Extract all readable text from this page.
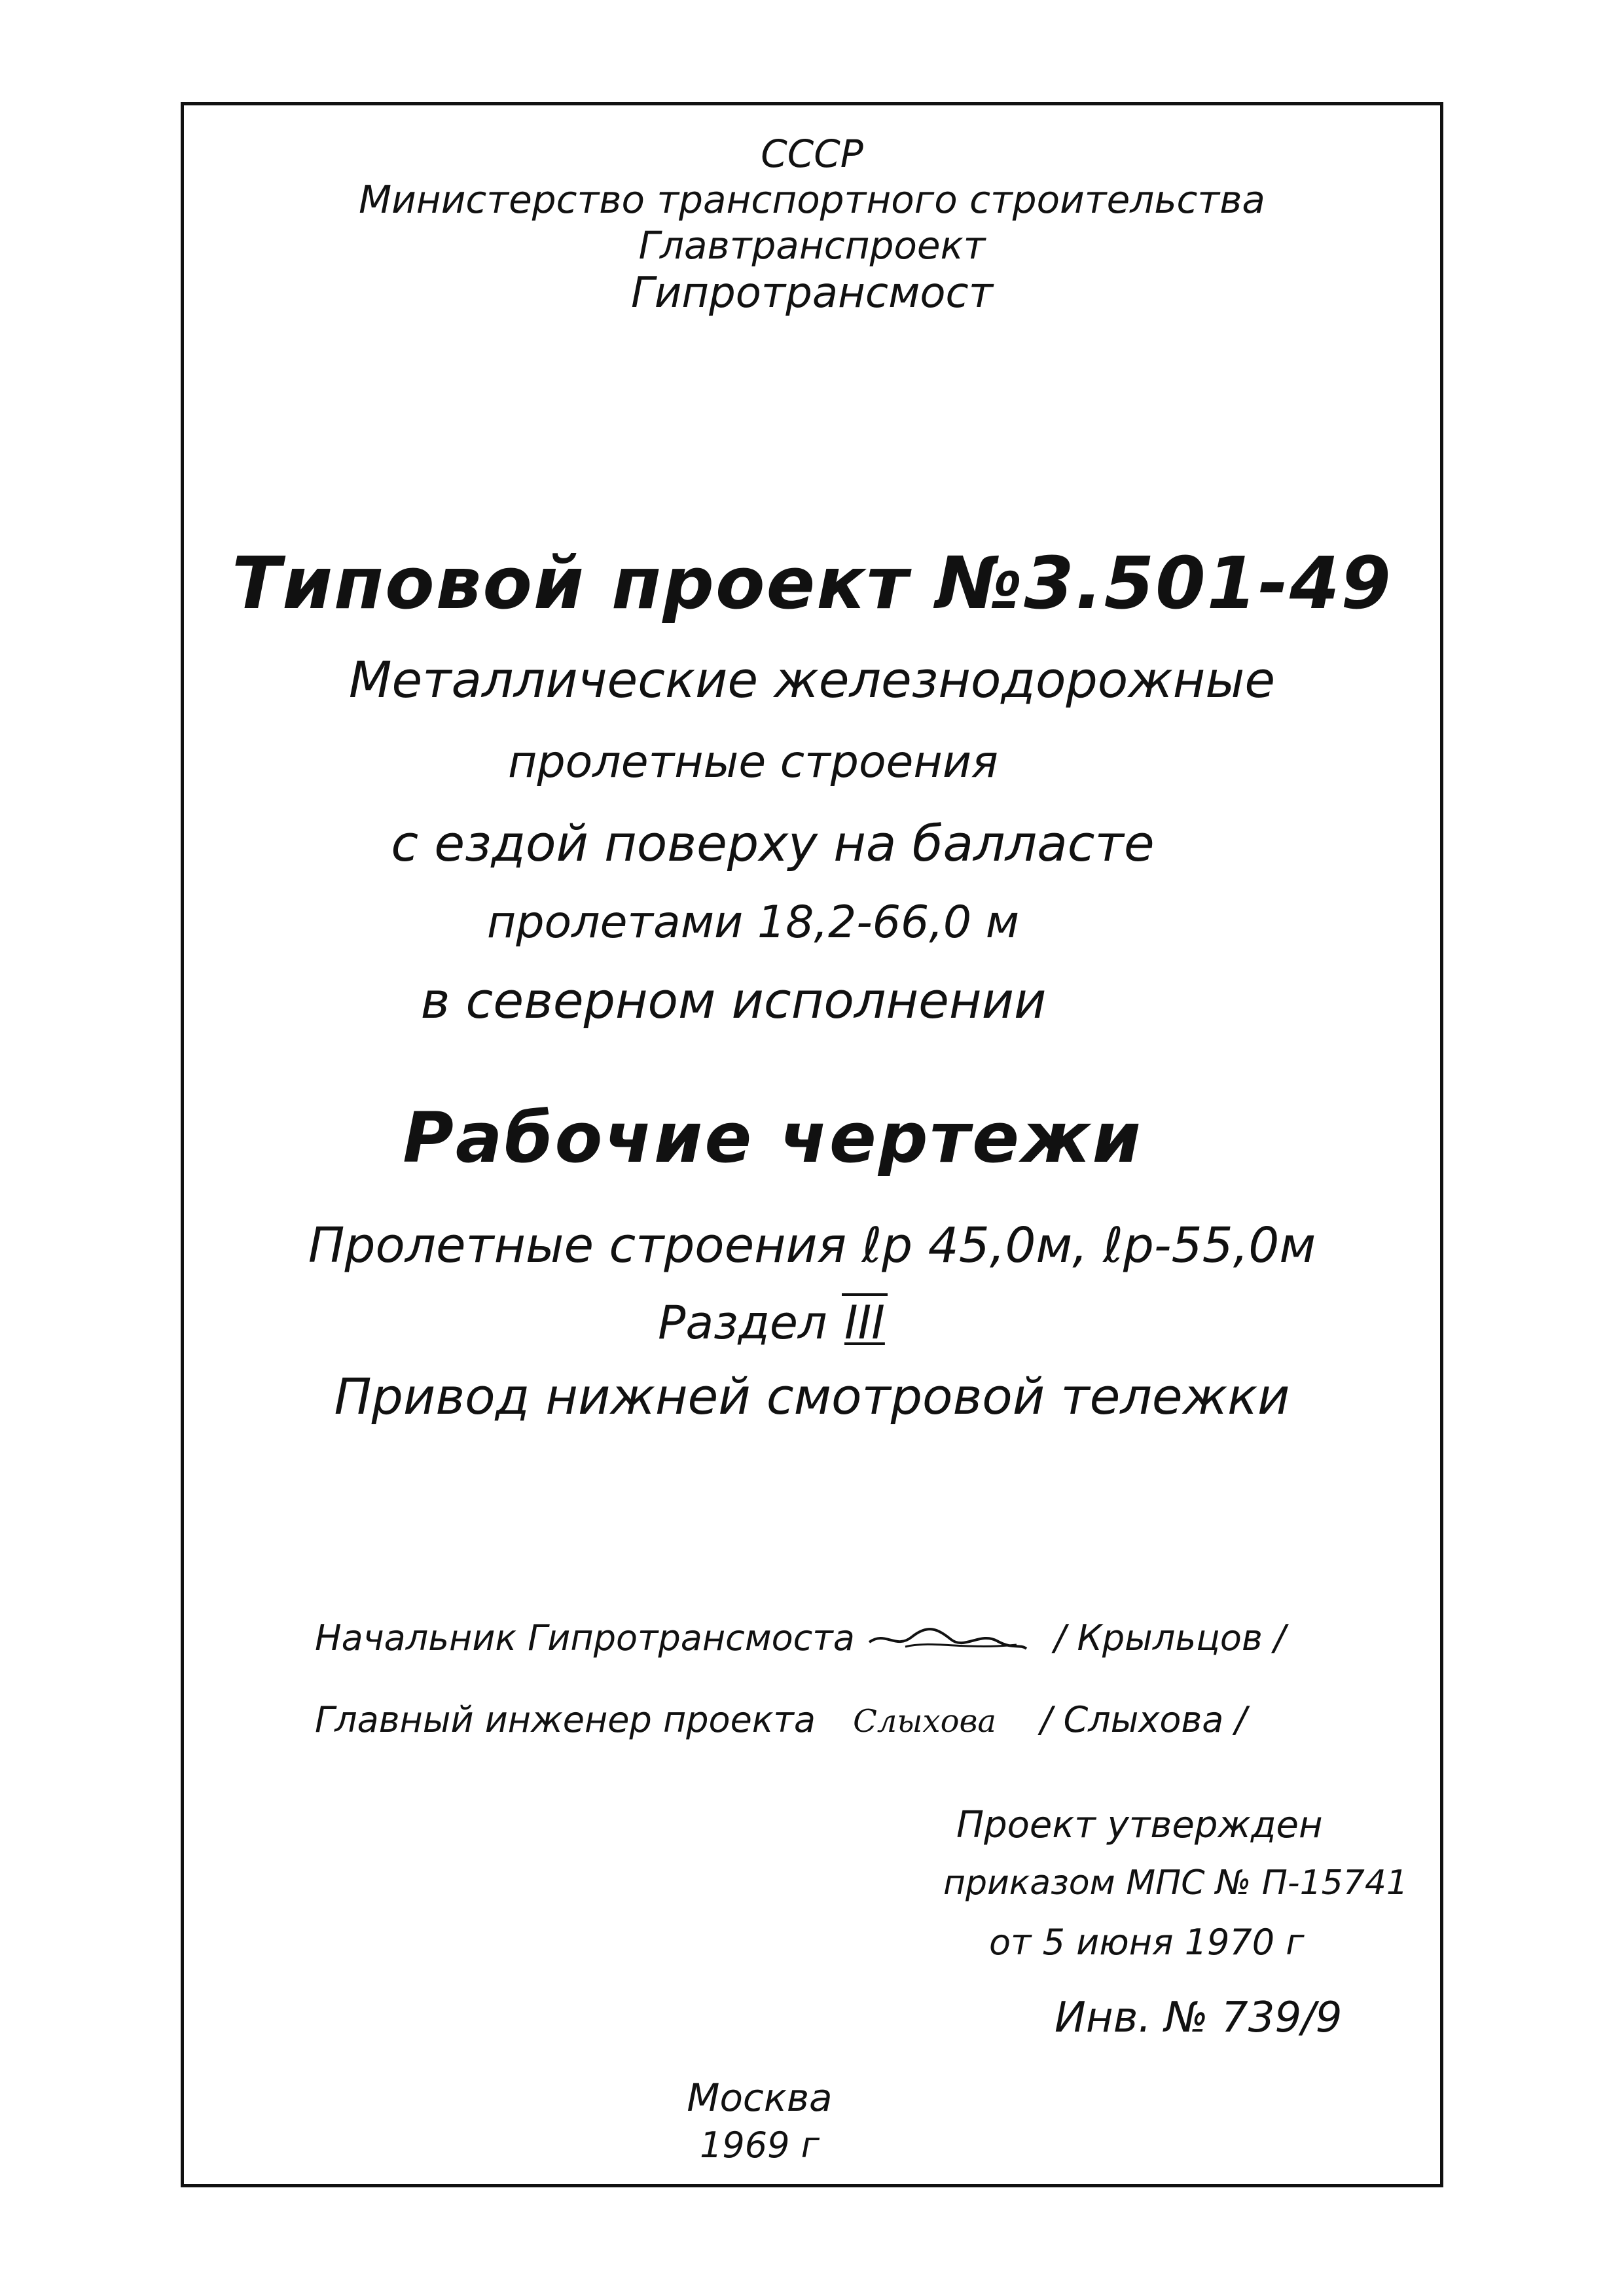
СССР
Министерство транспортного строительства
Главтранспроект
Гипротрансмост
Типовой проект №3.501-49
Металлические железнодорожные
пролетные строения
с ездой поверху на балласте
пролетами 18,2-66,0 м
в северном исполнении
Рабочие чертежи
Пролетные строения ℓр 45,0м, ℓр-55,0м
Раздел III
Привод нижней смотровой тележки
Начальник Гипротрансмоста	/ Крыльцов /
Главный инженер проекта Слыхова / Слыхова /
Проект утвержден
приказом МПС № П-15741
от 5 июня 1970 г
Инв. № 739/9
Москва
1969 г
